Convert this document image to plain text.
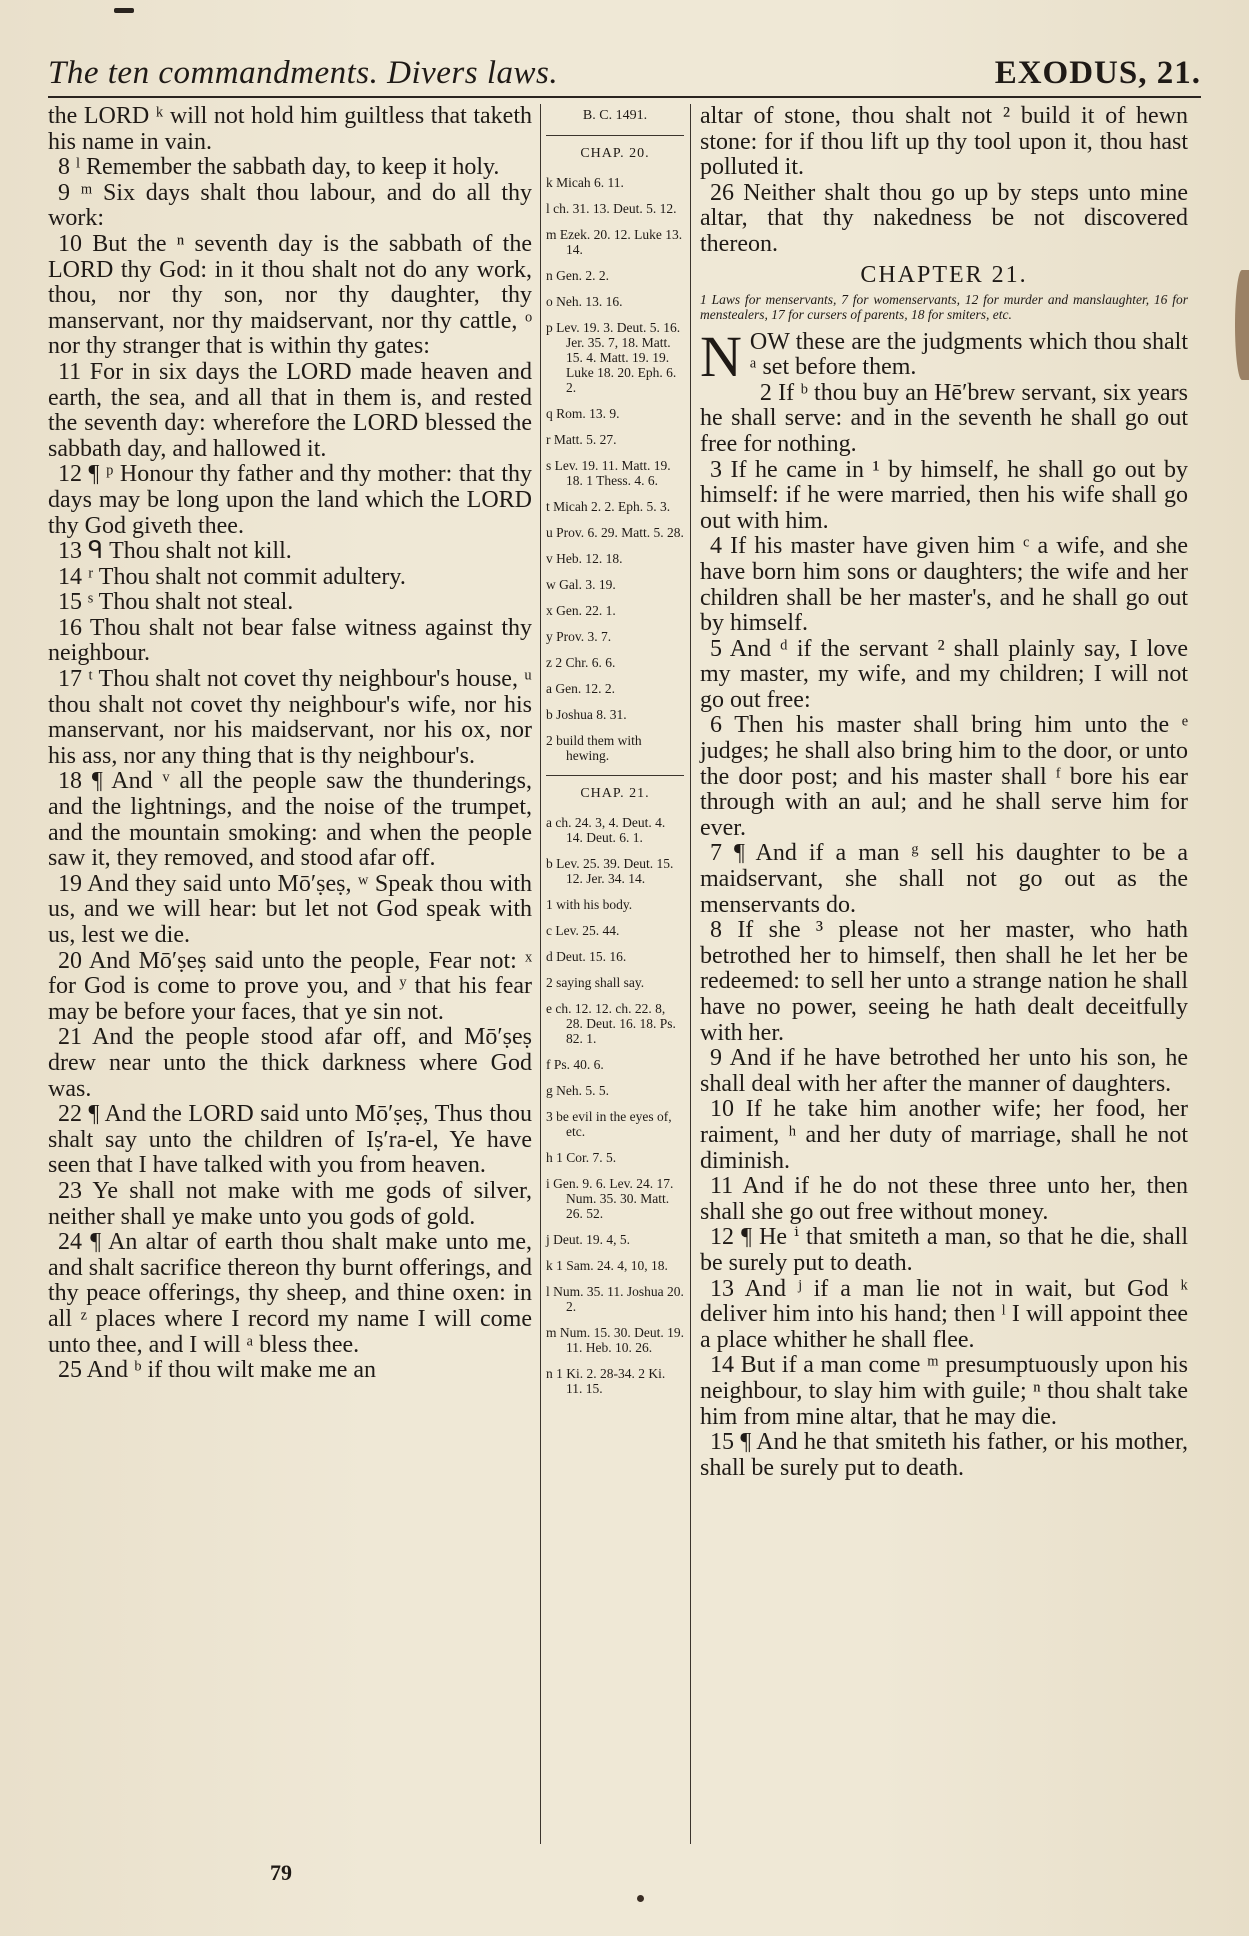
The ten commandments. Divers laws.	EXODUS, 21.

the LORD ᵏ will not hold him guiltless that taketh his name in vain.

8 ˡ Remember the sabbath day, to keep it holy.

9 ᵐ Six days shalt thou labour, and do all thy work:

10 But the ⁿ seventh day is the sabbath of the LORD thy God: in it thou shalt not do any work, thou, nor thy son, nor thy daughter, thy manservant, nor thy maidservant, nor thy cattle, ᵒ nor thy stranger that is within thy gates:

11 For in six days the LORD made heaven and earth, the sea, and all that in them is, and rested the seventh day: wherefore the LORD blessed the sabbath day, and hallowed it.

12 ¶ ᵖ Honour thy father and thy mother: that thy days may be long upon the land which the LORD thy God giveth thee.

13 ᑫ Thou shalt not kill.

14 ʳ Thou shalt not commit adultery.

15 ˢ Thou shalt not steal.

16 Thou shalt not bear false witness against thy neighbour.

17 ᵗ Thou shalt not covet thy neighbour's house, ᵘ thou shalt not covet thy neighbour's wife, nor his manservant, nor his maidservant, nor his ox, nor his ass, nor any thing that is thy neighbour's.

18 ¶ And ᵛ all the people saw the thunderings, and the lightnings, and the noise of the trumpet, and the mountain smoking: and when the people saw it, they removed, and stood afar off.

19 And they said unto Mō′ṣeṣ, ʷ Speak thou with us, and we will hear: but let not God speak with us, lest we die.

20 And Mō′ṣeṣ said unto the people, Fear not: ˣ for God is come to prove you, and ʸ that his fear may be before your faces, that ye sin not.

21 And the people stood afar off, and Mō′ṣeṣ drew near unto the thick darkness where God was.

22 ¶ And the LORD said unto Mō′ṣeṣ, Thus thou shalt say unto the children of Iṣ′ra-el, Ye have seen that I have talked with you from heaven.

23 Ye shall not make with me gods of silver, neither shall ye make unto you gods of gold.

24 ¶ An altar of earth thou shalt make unto me, and shalt sacrifice thereon thy burnt offerings, and thy peace offerings, thy sheep, and thine oxen: in all ᶻ places where I record my name I will come unto thee, and I will ᵃ bless thee.

25 And ᵇ if thou wilt make me an

B. C. 1491.
CHAP. 20.
k Micah 6. 11.
l ch. 31. 13. Deut. 5. 12.
m Ezek. 20. 12. Luke 13. 14.
n Gen. 2. 2.
o Neh. 13. 16.
p Lev. 19. 3. Deut. 5. 16. Jer. 35. 7, 18. Matt. 15. 4. Matt. 19. 19. Luke 18. 20. Eph. 6. 2.
q Rom. 13. 9.
r Matt. 5. 27.
s Lev. 19. 11. Matt. 19. 18. 1 Thess. 4. 6.
t Micah 2. 2. Eph. 5. 3.
u Prov. 6. 29. Matt. 5. 28.
v Heb. 12. 18.
w Gal. 3. 19.
x Gen. 22. 1.
y Prov. 3. 7.
z 2 Chr. 6. 6.
a Gen. 12. 2.
b Joshua 8. 31.
2 build them with hewing.
CHAP. 21.
a ch. 24. 3, 4. Deut. 4. 14. Deut. 6. 1.
b Lev. 25. 39. Deut. 15. 12. Jer. 34. 14.
1 with his body.
c Lev. 25. 44.
d Deut. 15. 16.
2 saying shall say.
e ch. 12. 12. ch. 22. 8, 28. Deut. 16. 18. Ps. 82. 1.
f Ps. 40. 6.
g Neh. 5. 5.
3 be evil in the eyes of, etc.
h 1 Cor. 7. 5.
i Gen. 9. 6. Lev. 24. 17. Num. 35. 30. Matt. 26. 52.
j Deut. 19. 4, 5.
k 1 Sam. 24. 4, 10, 18.
l Num. 35. 11. Joshua 20. 2.
m Num. 15. 30. Deut. 19. 11. Heb. 10. 26.
n 1 Ki. 2. 28-34. 2 Ki. 11. 15.

altar of stone, thou shalt not ² build it of hewn stone: for if thou lift up thy tool upon it, thou hast polluted it.

26 Neither shalt thou go up by steps unto mine altar, that thy nakedness be not discovered thereon.

CHAPTER 21.
1 Laws for menservants, 7 for womenservants, 12 for murder and manslaughter, 16 for menstealers, 17 for cursers of parents, 18 for smiters, etc.

NOW these are the judgments which thou shalt ᵃ set before them.

2 If ᵇ thou buy an Hē′brew servant, six years he shall serve: and in the seventh he shall go out free for nothing.

3 If he came in ¹ by himself, he shall go out by himself: if he were married, then his wife shall go out with him.

4 If his master have given him ᶜ a wife, and she have born him sons or daughters; the wife and her children shall be her master's, and he shall go out by himself.

5 And ᵈ if the servant ² shall plainly say, I love my master, my wife, and my children; I will not go out free:

6 Then his master shall bring him unto the ᵉ judges; he shall also bring him to the door, or unto the door post; and his master shall ᶠ bore his ear through with an aul; and he shall serve him for ever.

7 ¶ And if a man ᵍ sell his daughter to be a maidservant, she shall not go out as the menservants do.

8 If she ³ please not her master, who hath betrothed her to himself, then shall he let her be redeemed: to sell her unto a strange nation he shall have no power, seeing he hath dealt deceitfully with her.

9 And if he have betrothed her unto his son, he shall deal with her after the manner of daughters.

10 If he take him another wife; her food, her raiment, ʰ and her duty of marriage, shall he not diminish.

11 And if he do not these three unto her, then shall she go out free without money.

12 ¶ He ⁱ that smiteth a man, so that he die, shall be surely put to death.

13 And ʲ if a man lie not in wait, but God ᵏ deliver him into his hand; then ˡ I will appoint thee a place whither he shall flee.

14 But if a man come ᵐ presumptuously upon his neighbour, to slay him with guile; ⁿ thou shalt take him from mine altar, that he may die.

15 ¶ And he that smiteth his father, or his mother, shall be surely put to death.

79
